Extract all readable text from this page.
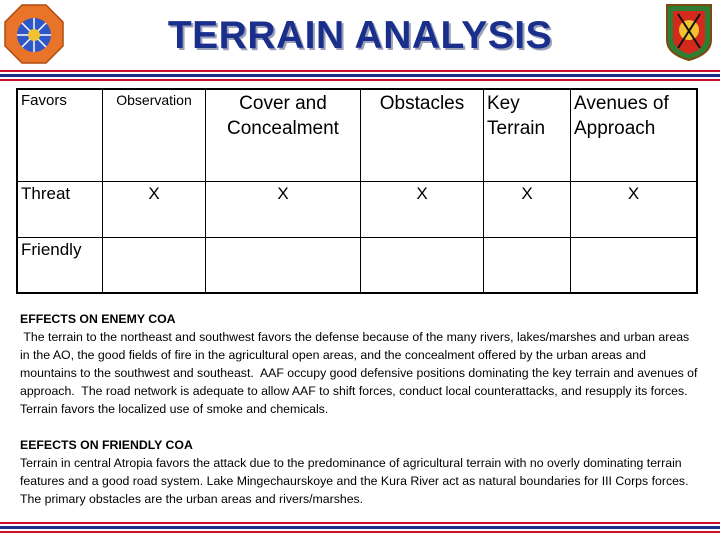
TERRAIN ANALYSIS
Favors	Observation	Cover and Concealment	Obstacles	Key Terrain	Avenues of Approach
Threat	X	X	X	X	X
Friendly					

EFFECTS ON ENEMY COA

The terrain to the northeast and southwest favors the defense because of the many rivers, lakes/marshes and urban areas in the AO, the good fields of fire in the agricultural open areas, and the concealment offered by the urban areas and mountains to the southwest and southeast.  AAF occupy good defensive positions dominating the key terrain and avenues of approach.  The road network is adequate to allow AAF to shift forces, conduct local counterattacks, and resupply its forces.  Terrain favors the localized use of smoke and chemicals.

EEFECTS ON FRIENDLY COA

Terrain in central Atropia favors the attack due to the predominance of agricultural terrain with no overly dominating terrain features and a good road system. Lake Mingechaurskoye and the Kura River act as natural boundaries for III Corps forces. The primary obstacles are the urban areas and rivers/marshes.
